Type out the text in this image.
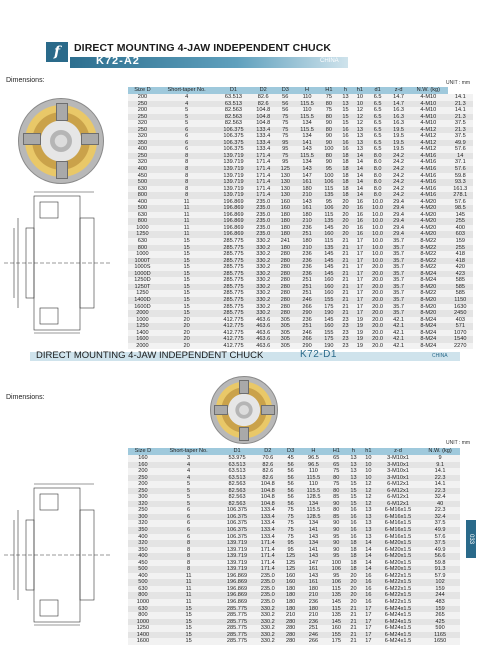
f	DIRECT MOUNTING 4-JAW INDEPENDENT CHUCK
K72-A2	CHINA
Dimensions:	UNIT : mm
Size D	Short-taper No.	D1	D2	D3	H	H1	h	h1	d1	z-d	N.W. (kg)	
200	4	63.513	82.6	56	110	75	13	10	6.5	14.7	4-M10	14.1
250	4	63.513	82.6	56	115.5	80	13	10	6.5	14.7	4-M10	21.3
200	5	82.563	104.8	56	110	75	15	12	6.5	16.3	4-M10	14.1
250	5	82.563	104.8	75	115.5	80	15	12	6.5	16.3	4-M10	21.3
320	5	82.563	104.8	75	134	90	15	12	6.5	16.3	4-M10	37.5
250	6	106.375	133.4	75	115.5	80	16	13	6.5	19.5	4-M12	21.3
320	6	106.375	133.4	75	134	90	16	13	6.5	19.5	4-M12	37.5
350	6	106.375	133.4	95	141	90	16	13	6.5	19.5	4-M12	49.9
400	6	106.375	133.4	95	143	100	16	13	6.5	19.5	4-M12	57.6
250	8	139.719	171.4	75	115.5	80	18	14	8.0	24.2	4-M16	14
320	8	139.719	171.4	95	134	90	18	14	8.0	24.2	4-M16	37.1
400	8	139.719	171.4	125	143	95	18	14	8.0	24.2	4-M16	57.6
450	8	139.719	171.4	130	147	100	18	14	8.0	24.2	4-M16	59.8
500	8	139.719	171.4	130	161	106	18	14	8.0	24.2	4-M16	93.3
630	8	139.719	171.4	130	180	115	18	14	8.0	24.2	4-M16	161.3
800	8	139.719	171.4	130	210	135	18	14	8.0	24.2	4-M16	278.1
400	11	196.869	235.0	160	143	95	20	16	10.0	29.4	4-M20	57.6
500	11	196.869	235.0	160	161	106	20	16	10.0	29.4	4-M20	98.5
630	11	196.869	235.0	180	180	115	20	16	10.0	29.4	4-M20	145
800	11	196.869	235.0	180	210	135	20	16	10.0	29.4	4-M20	255
1000	11	196.869	235.0	180	236	145	20	16	10.0	29.4	4-M20	400
1250	11	196.869	235.0	180	251	160	20	16	10.0	29.4	4-M20	603
630	15	285.775	330.2	241	180	115	21	17	10.0	35.7	8-M22	159
800	15	285.775	330.2	180	210	135	21	17	10.0	35.7	8-M22	255
1000	15	285.775	330.2	280	236	145	21	17	10.0	35.7	8-M22	418
1000T	15	285.775	330.2	280	236	145	21	17	10.0	35.7	8-M22	418
1000S	15	285.775	330.2	280	236	145	21	17	20.0	35.7	8-M22	420
1000D	15	285.775	330.2	280	236	145	21	17	20.0	35.7	8-M24	423
1250D	15	285.775	330.2	280	251	160	21	17	20.0	35.7	8-M24	585
1250T	15	285.775	330.2	280	251	160	21	17	20.0	35.7	8-M20	585
1250	15	285.775	330.2	280	251	160	21	17	20.0	35.7	8-M22	585
1400D	15	285.775	330.2	280	246	155	21	17	20.0	35.7	8-M20	1150
1600D	15	285.775	330.2	280	266	175	21	17	20.0	35.7	8-M20	1630
2000	15	285.775	330.2	280	290	190	21	17	20.0	35.7	8-M20	2450
1000	20	412.775	463.6	305	236	145	23	19	20.0	42.1	8-M24	403
1250	20	412.775	463.6	305	251	160	23	19	20.0	42.1	8-M24	571
1400	20	412.775	463.6	305	246	155	23	19	20.0	42.1	8-M24	1070
1600	20	412.775	463.6	305	266	175	23	19	20.0	42.1	8-M24	1540
2000	20	412.775	463.6	305	290	190	23	19	20.0	42.1	8-M24	2270
DIRECT MOUNTING 4-JAW INDEPENDENT CHUCK	K72-D1	CHINA
Dimensions:
UNIT : mm
Size D	Short-taper No.	D1	D2	D3	H	H1	h	h1	z-d	N.W. (kg)
160	3	53.975	70.6	45	96.5	65	13	10	3-M10x1	9
160	4	63.513	82.6	56	96.5	65	13	10	3-M10x1	9.1
200	4	63.513	82.6	56	110	75	13	10	3-M10x1	14.1
250	4	63.513	82.6	56	115.5	80	13	10	3-M10x1	22.3
200	5	82.563	104.8	56	110	75	15	12	6-M12x1	14.1
250	5	82.563	104.8	56	115.5	80	15	12	6-M12x1	22.3
300	5	82.563	104.8	56	128.5	85	15	12	6-M12x1	32.4
320	5	82.563	104.8	56	134	90	15	12	6-M12x1	40
250	6	106.375	133.4	75	115.5	80	16	13	6-M16x1.5	22.3
300	6	106.375	133.4	75	128.5	85	16	13	6-M16x1.5	32.4
320	6	106.375	133.4	75	134	90	16	13	6-M16x1.5	37.5
350	6	106.375	133.4	75	141	90	16	13	6-M16x1.5	49.9
400	6	106.375	133.4	75	143	95	16	13	6-M16x1.5	57.6
320	8	139.719	171.4	95	134	90	18	14	6-M20x1.5	37.5
350	8	139.719	171.4	95	141	90	18	14	6-M20x1.5	49.9
400	8	139.719	171.4	125	143	95	18	14	6-M20x1.5	56.6
450	8	139.719	171.4	125	147	100	18	14	6-M20x1.5	59.8
500	8	139.719	171.4	125	161	106	18	14	6-M20x1.5	91.3
400	11	196.869	235.0	160	143	95	20	16	6-M22x1.5	57.9
500	11	196.869	235.0	160	161	106	20	16	6-M22x1.5	102
630	11	196.869	235.0	180	180	115	20	16	6-M22x1.5	159
800	11	196.869	235.0	180	210	135	20	16	6-M22x1.5	244
1000	11	196.869	235.0	180	236	145	20	16	6-M22x1.5	483
630	15	285.775	330.2	180	180	115	21	17	6-M24x1.5	159
800	15	285.775	330.2	210	210	135	21	17	6-M24x1.5	265
1000	15	285.775	330.2	280	236	145	21	17	6-M24x1.5	425
1250	15	285.775	330.2	280	251	160	21	17	6-M24x1.5	590
1400	15	285.775	330.2	280	246	155	21	17	6-M24x1.5	1165
1600	15	285.775	330.2	280	266	175	21	17	6-M24x1.5	1650
033
